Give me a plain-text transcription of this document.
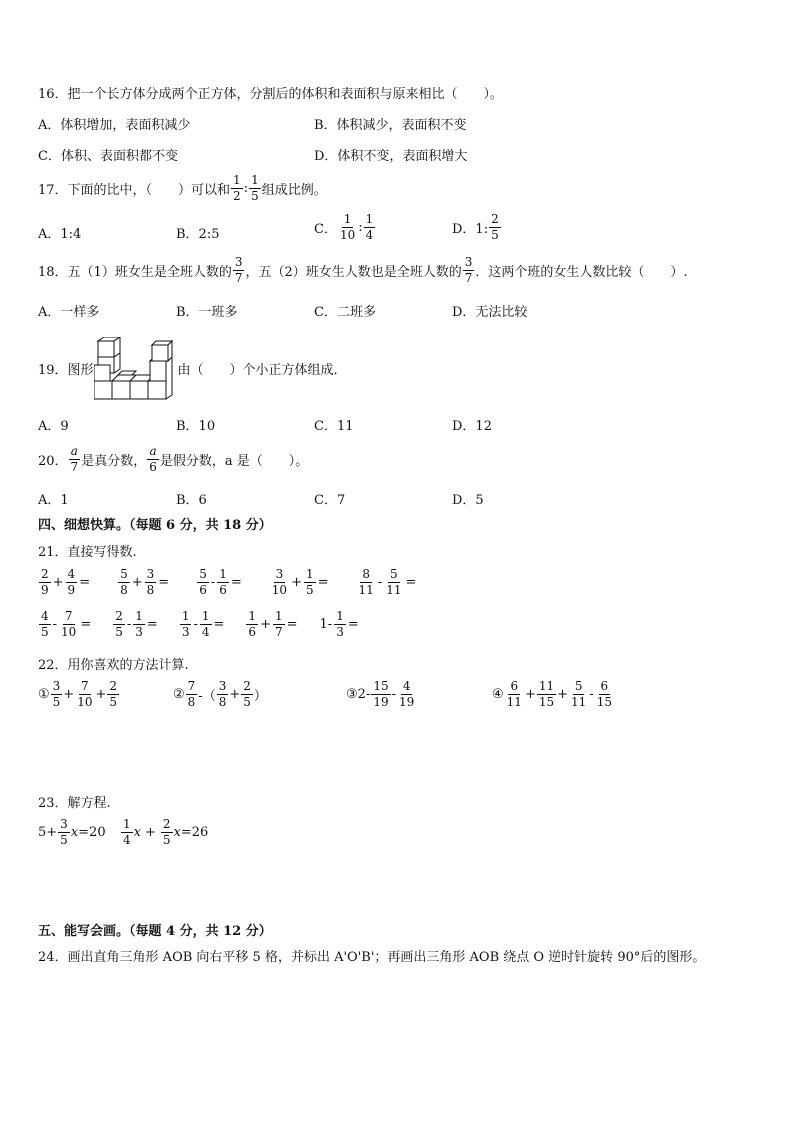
16．把一个长方体分成两个正方体，分割后的体积和表面积与原来相比（　　）。
A．体积增加，表面积减少	B．体积减少，表面积不变
C．体积、表面积都不变	D．体积不变，表面积增大
17．下面的比中，（　　）可以和 $\frac{1}{2}$ : $\frac{1}{5}$ 组成比例。
A．1:4	B．2:5	C． $\frac{1}{10}$ : $\frac{1}{4}$	D．1: $\frac{2}{5}$
18．五（1）班女生是全班人数的 $\frac{3}{7}$ ，五（2）班女生人数也是全班人数的 $\frac{3}{7}$ ．这两个班的女生人数比较（　　）.
A．一样多	B．一班多	C．二班多	D．无法比较
19．图形	由（　　）个小正方体组成．
A．9	B．10	C．11	D．12
20． $\frac{a}{7}$ 是真分数， $\frac{a}{6}$ 是假分数，a 是（　　）。
A．1	B．6	C．7	D．5
四、细想快算。（每题 6 分，共 18 分）
21．直接写得数.
$\frac{2}{9} + \frac{4}{9} = \frac{5}{8} + \frac{3}{8} = \frac{5}{6} - \frac{1}{6} = \frac{3}{10} + \frac{1}{5} = \frac{8}{11} - \frac{5}{11}$ =
$\frac{4}{5} - \frac{7}{10} = \frac{2}{5} - \frac{1}{3} = \frac{1}{3} - \frac{1}{4} = \frac{1}{6} + \frac{1}{7} = 1- \frac{1}{3}$ =
22．用你喜欢的方法计算.
① $\frac{3}{5} + \frac{7}{10} + \frac{2}{5}$	② $\frac{7}{8}$ -（ $\frac{3}{8} + \frac{2}{5}$ ）	③2- $\frac{15}{19} - \frac{4}{19}$	④ $\frac{6}{11} + \frac{11}{15} + \frac{5}{11} - \frac{6}{15}$
23．解方程.
$5+ \frac{3}{5}$ $x =20 \frac{1}{4}$ $x + \frac{2}{5}$ x =26
五、能写会画。（每题 4 分，共 12 分）
24．画出直角三角形 AOB 向右平移 5 格，并标出 A'O'B'；再画出三角形 AOB 绕点 O 逆时针旋转 90°后的图形。
